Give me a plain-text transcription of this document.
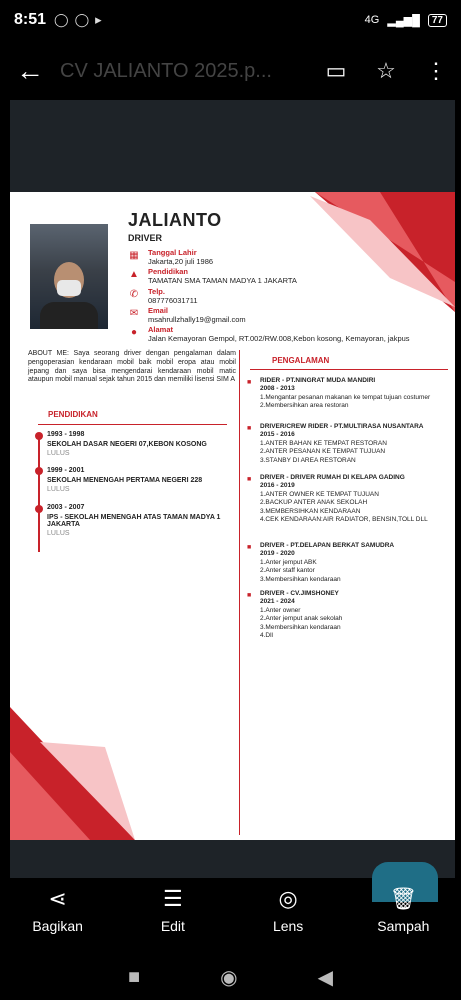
8:51 ◯ ◯ ▸	4G ▂▄▆█	77
← CV JALIANTO 2025.p...	▭	☆	⋮
JALIANTO
DRIVER
▦ Tanggal Lahir
Jakarta,20 juli 1986
▲ Pendidikan
TAMATAN SMA TAMAN MADYA 1 JAKARTA
✆ Telp.
087776031711
✉ Email
msahrullzhally19@gmail.com
●	Alamat
Jalan Kemayoran Gempol, RT.002/RW.008,Kebon kosong, Kemayoran, jakpus
ABOUT ME: Saya seorang driver dengan pengalaman dalam pengoperasian kendaraan mobil baik mobil eropa atau mobil jepang dan saya bisa mengendarai kendaraan mobil matic ataupun mobil manual sejak tahun 2015 dan memiliki lisensi SIM A
PENDIDIKAN
1993 - 1998
SEKOLAH DASAR NEGERI 07,KEBON KOSONG
LULUS
1999 - 2001
SEKOLAH MENENGAH PERTAMA NEGERI 228
LULUS
2003 - 2007
IPS - SEKOLAH MENENGAH ATAS TAMAN MADYA 1 JAKARTA
LULUS
PENGALAMAN
■ RIDER - PT.NINGRAT MUDA MANDIRI
2008 - 2013
1.Mengantar pesanan makanan ke tempat tujuan costumer
2.Membersihkan area restoran
■ DRIVER/CREW RIDER - PT.MULTIRASA NUSANTARA
2015 - 2016
1.ANTER BAHAN KE TEMPAT RESTORAN
2.ANTER PESANAN KE TEMPAT TUJUAN
3.STANBY DI AREA RESTORAN
■ DRIVER - DRIVER RUMAH DI KELAPA GADING
2016 - 2019
1.ANTER OWNER KE TEMPAT TUJUAN
2.BACKUP ANTER ANAK SEKOLAH
3.MEMBERSIHKAN KENDARAAN
4.CEK KENDARAAN:AIR RADIATOR, BENSIN,TOLL DLL
■ DRIVER - PT.DELAPAN BERKAT SAMUDRA
2019 - 2020
1.Anter jemput ABK
2.Anter staff kantor
3.Membersihkan kendaraan
■ DRIVER - CV.JIMSHONEY
2021 - 2024
1.Anter owner
2.Anter jemput anak sekolah
3.Membersihkan kendaraan
4.Dll
⋖
Bagikan
☰
Edit
◎
Lens
🗑
Sampah
■	◉	◀
